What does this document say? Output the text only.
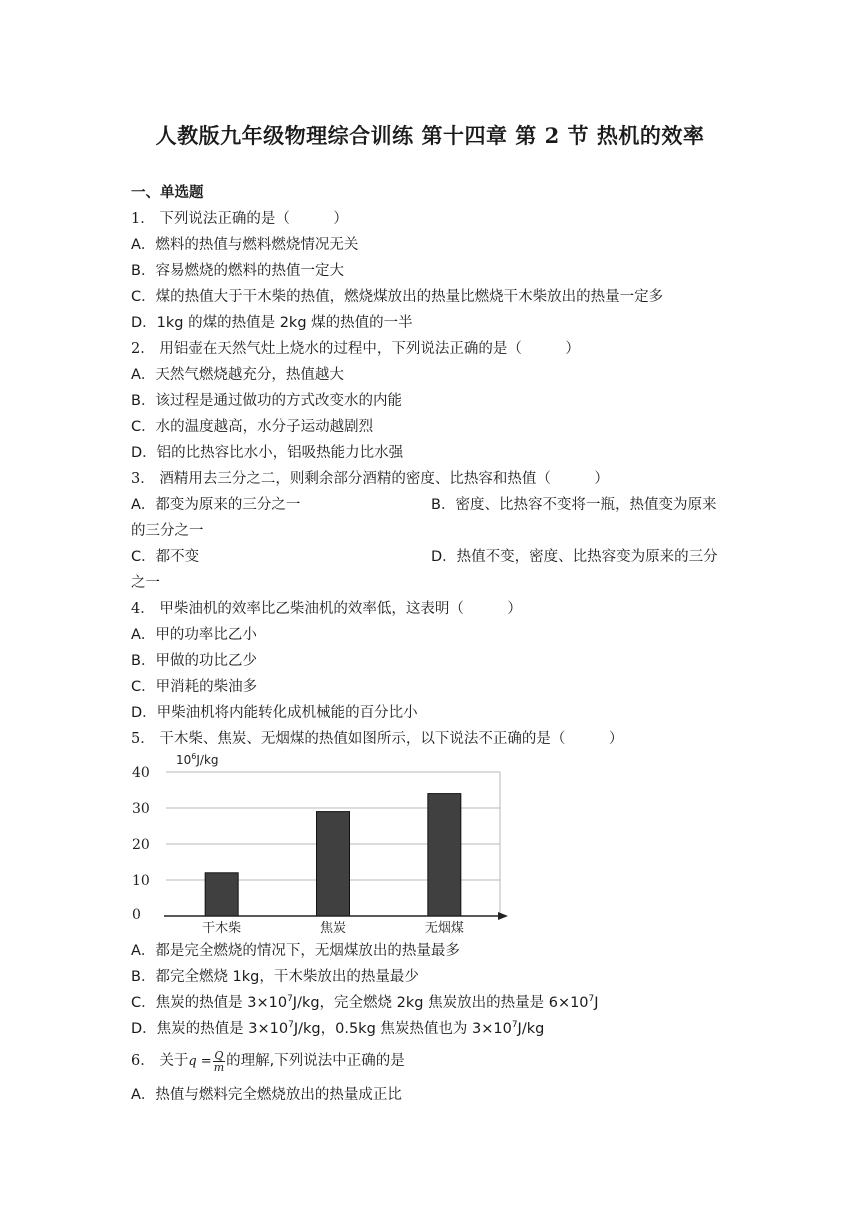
人教版九年级物理综合训练 第十四章 第 2 节 热机的效率
一、单选题
1． 下列说法正确的是（　　　）
A．燃料的热值与燃料燃烧情况无关
B．容易燃烧的燃料的热值一定大
C．煤的热值大于干木柴的热值，燃烧煤放出的热量比燃烧干木柴放出的热量一定多
D．1kg 的煤的热值是 2kg 煤的热值的一半
2． 用铝壶在天然气灶上烧水的过程中，下列说法正确的是（　　　）
A．天然气燃烧越充分，热值越大
B．该过程是通过做功的方式改变水的内能
C．水的温度越高，水分子运动越剧烈
D．铝的比热容比水小，铝吸热能力比水强
3． 酒精用去三分之二，则剩余部分酒精的密度、比热容和热值（　　　）
A．都变为原来的三分之一	B．密度、比热容不变将一瓶，热值变为原来
的三分之一
C．都不变	D．热值不变，密度、比热容变为原来的三分
之一
4． 甲柴油机的效率比乙柴油机的效率低，这表明（　　　）
A．甲的功率比乙小
B．甲做的功比乙少
C．甲消耗的柴油多
D．甲柴油机将内能转化成机械能的百分比小
5． 干木柴、焦炭、无烟煤的热值如图所示，以下说法不正确的是（　　　）
0
10
20
30
40
干木柴	焦炭	无烟煤
$10^6J/kg$
A．都是完全燃烧的情况下，无烟煤放出的热量最多
B．都完全燃烧 1kg，干木柴放出的热量最少
C．焦炭的热值是 $3\times 10^7J/kg$，完全燃烧 2kg 焦炭放出的热量是 $6\times 10^7J$
D．焦炭的热值是 $3\times 10^7J/kg$，0.5kg 焦炭热值也为 $3\times 10^7J/kg$
6． 关于$q = \frac{Q}{m}$ 的理解,下列说法中正确的是
A．热值与燃料完全燃烧放出的热量成正比
